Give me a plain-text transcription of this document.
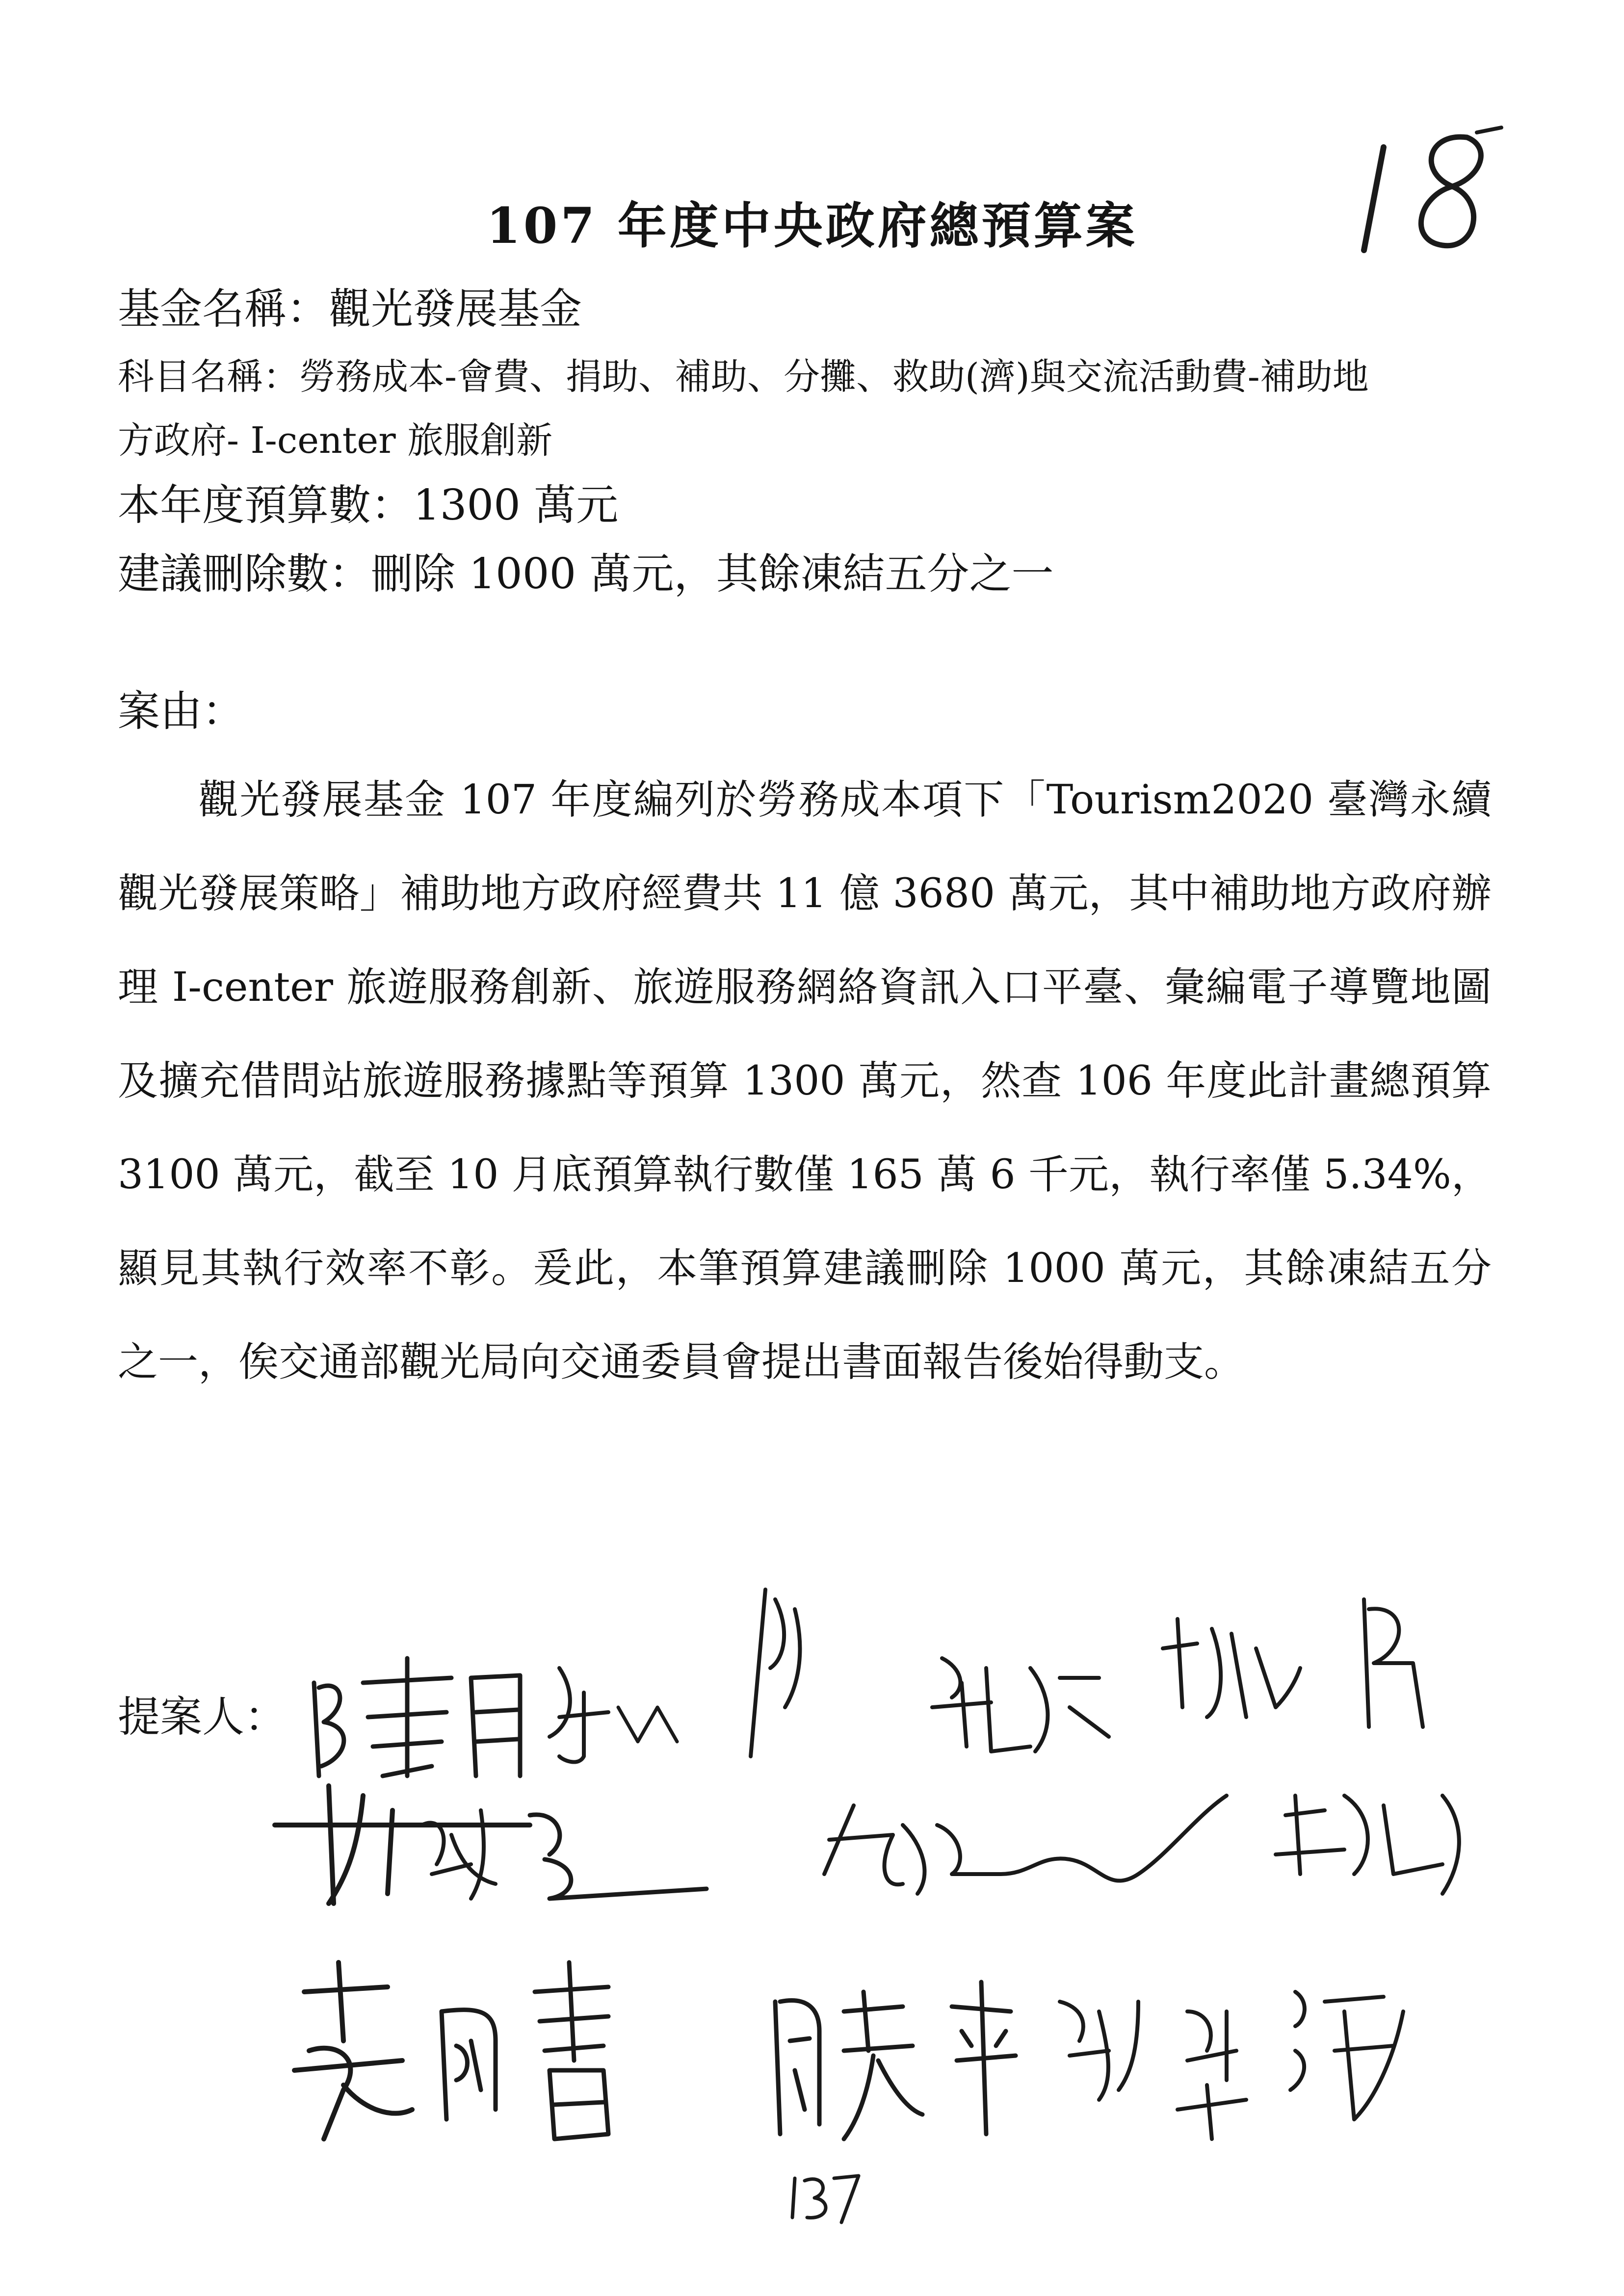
107 年度中央政府總預算案
基金名稱：觀光發展基金
科目名稱：勞務成本-會費、捐助、補助、分攤、救助(濟)與交流活動費-補助地
方政府- I-center 旅服創新
本年度預算數：1300 萬元
建議刪除數：刪除 1000 萬元，其餘凍結五分之一
案由：
觀光發展基金 107 年度編列於勞務成本項下「Tourism2020 臺灣永續觀光發展策略」補助地方政府經費共 11 億 3680 萬元，其中補助地方政府辦理 I-center 旅遊服務創新、旅遊服務網絡資訊入口平臺、彙編電子導覽地圖及擴充借問站旅遊服務據點等預算 1300 萬元，然查 106 年度此計畫總預算 3100 萬元，截至 10 月底預算執行數僅 165 萬 6 千元，執行率僅 5.34%，顯見其執行效率不彰。爰此，本筆預算建議刪除 1000 萬元，其餘凍結五分之一，俟交通部觀光局向交通委員會提出書面報告後始得動支。
提案人：
